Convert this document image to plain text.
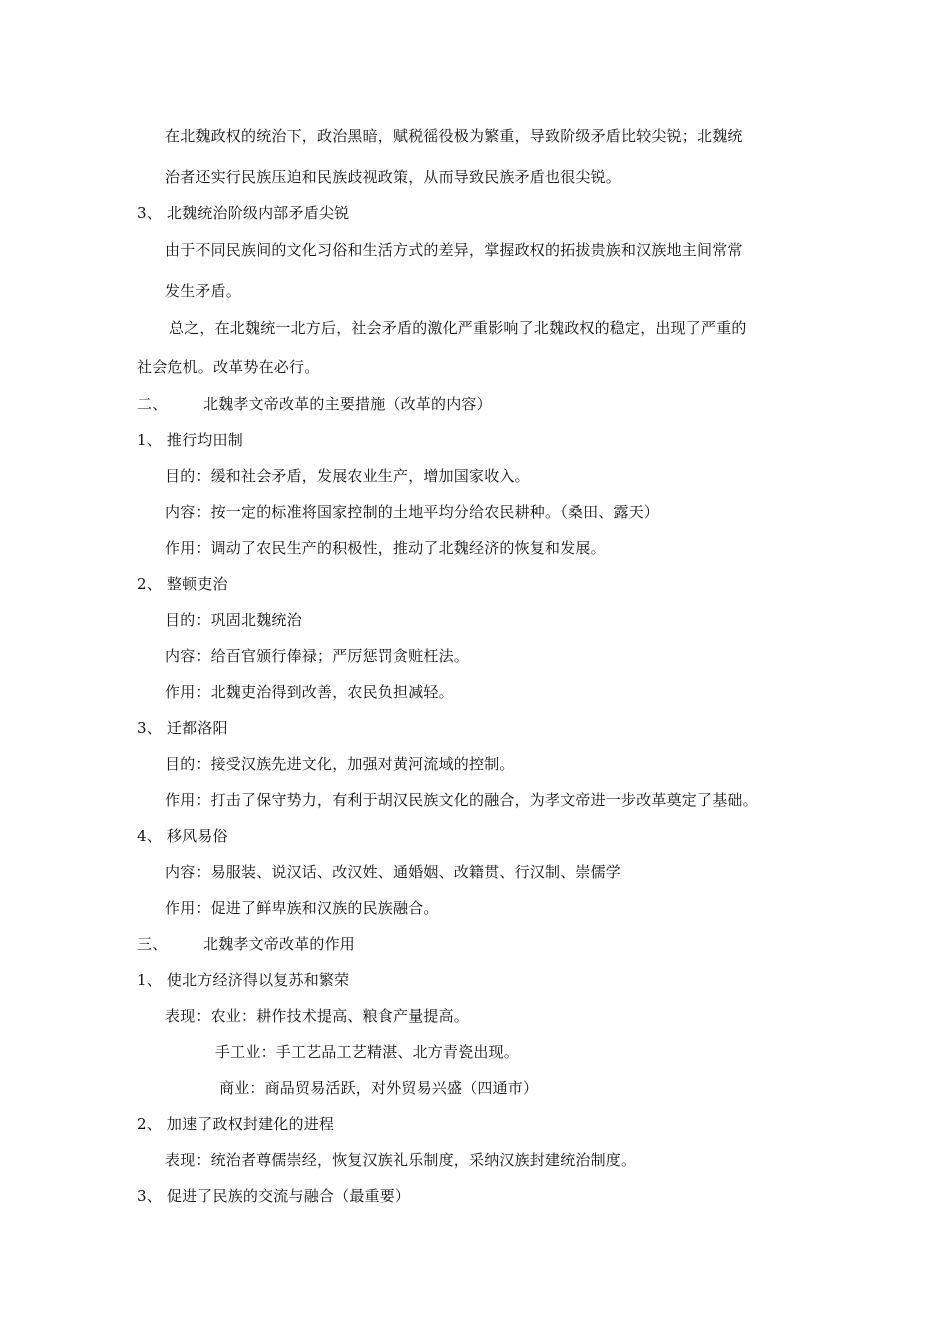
在北魏政权的统治下，政治黑暗，赋税徭役极为繁重，导致阶级矛盾比较尖锐；北魏统
治者还实行民族压迫和民族歧视政策，从而导致民族矛盾也很尖锐。
3、 北魏统治阶级内部矛盾尖锐
由于不同民族间的文化习俗和生活方式的差异，掌握政权的拓拔贵族和汉族地主间常常
发生矛盾。
总之，在北魏统一北方后，社会矛盾的激化严重影响了北魏政权的稳定，出现了严重的
社会危机。改革势在必行。
二、 北魏孝文帝改革的主要措施（改革的内容）
1、 推行均田制
目的：缓和社会矛盾，发展农业生产，增加国家收入。
内容：按一定的标准将国家控制的土地平均分给农民耕种。（桑田、露天）
作用：调动了农民生产的积极性，推动了北魏经济的恢复和发展。
2、 整顿吏治
目的：巩固北魏统治
内容：给百官颁行俸禄；严厉惩罚贪赃枉法。
作用：北魏吏治得到改善，农民负担减轻。
3、 迁都洛阳
目的：接受汉族先进文化，加强对黄河流域的控制。
作用：打击了保守势力，有利于胡汉民族文化的融合，为孝文帝进一步改革奠定了基础。
4、 移风易俗
内容：易服装、说汉话、改汉姓、通婚姻、改籍贯、行汉制、崇儒学
作用：促进了鲜卑族和汉族的民族融合。
三、 北魏孝文帝改革的作用
1、 使北方经济得以复苏和繁荣
表现：农业：耕作技术提高、粮食产量提高。
手工业：手工艺品工艺精湛、北方青瓷出现。
商业：商品贸易活跃，对外贸易兴盛（四通市）
2、 加速了政权封建化的进程
表现：统治者尊儒崇经，恢复汉族礼乐制度，采纳汉族封建统治制度。
3、 促进了民族的交流与融合（最重要）
